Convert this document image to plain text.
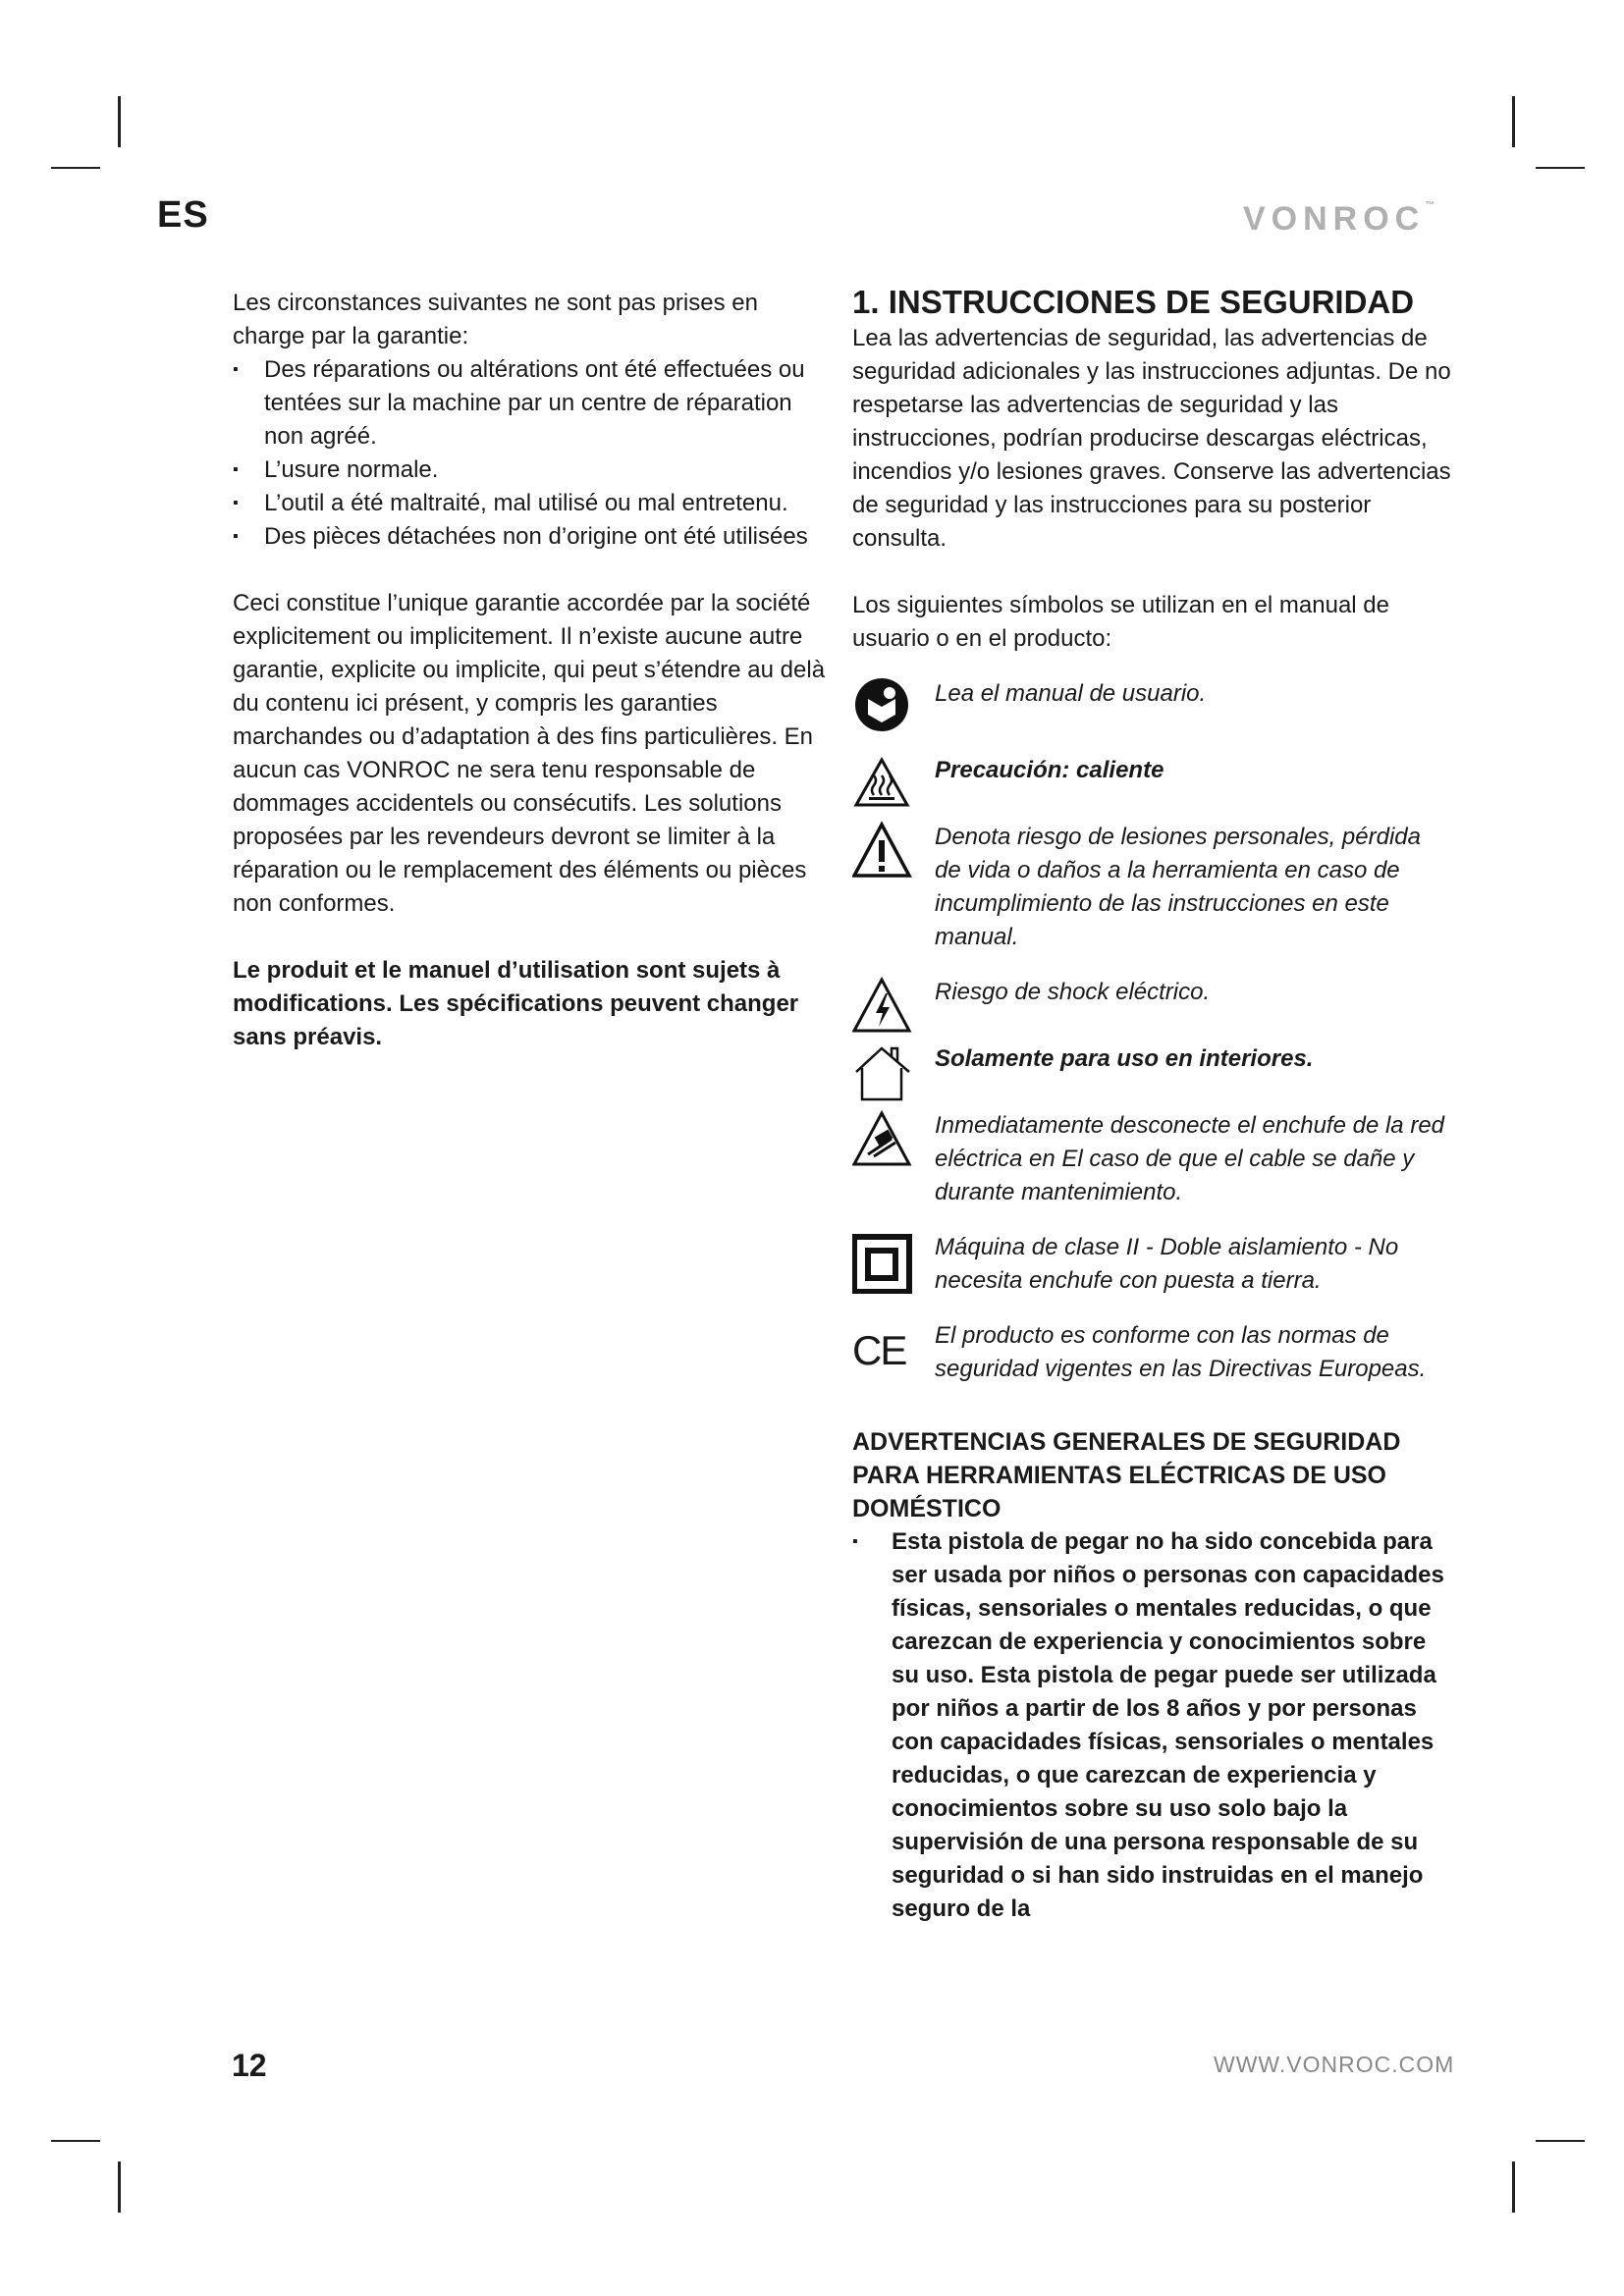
ES	VONROC™

Les circonstances suivantes ne sont pas prises en charge par la garantie:

▪ Des réparations ou altérations ont été effectuées ou tentées sur la machine par un centre de réparation non agréé.
▪ L’usure normale.
▪ L’outil a été maltraité, mal utilisé ou mal entretenu.
▪ Des pièces détachées non d’origine ont été utilisées

Ceci constitue l’unique garantie accordée par la société explicitement ou implicitement. Il n’existe aucune autre garantie, explicite ou implicite, qui peut s’étendre au delà du contenu ici présent, y compris les garanties marchandes ou d’adaptation à des fins particulières. En aucun cas VONROC ne sera tenu responsable de dommages accidentels ou consécutifs. Les solutions proposées par les revendeurs devront se limiter à la réparation ou le remplacement des éléments ou pièces non conformes.

Le produit et le manuel d’utilisation sont sujets à modifications. Les spécifications peuvent changer sans préavis.

1. INSTRUCCIONES DE SEGURIDAD

Lea las advertencias de seguridad, las advertencias de seguridad adicionales y las instrucciones adjuntas. De no respetarse las advertencias de seguridad y las instrucciones, podrían producirse descargas eléctricas, incendios y/o lesiones graves. Conserve las advertencias de seguridad y las instrucciones para su posterior consulta.

Los siguientes símbolos se utilizan en el manual de usuario o en el producto:

Lea el manual de usuario.
Precaución: caliente
Denota riesgo de lesiones personales, pérdida de vida o daños a la herramienta en caso de incumplimiento de las instrucciones en este manual.
Riesgo de shock eléctrico.
Solamente para uso en interiores.
Inmediatamente desconecte el enchufe de la red eléctrica en El caso de que el cable se dañe y durante mantenimiento.
Máquina de clase II - Doble aislamiento - No necesita enchufe con puesta a tierra.
CE	El producto es conforme con las normas de seguridad vigentes en las Directivas Europeas.

ADVERTENCIAS GENERALES DE SEGURIDAD PARA HERRAMIENTAS ELÉCTRICAS DE USO DOMÉSTICO

▪ Esta pistola de pegar no ha sido concebida para ser usada por niños o personas con capacidades físicas, sensoriales o mentales reducidas, o que carezcan de experiencia y conocimientos sobre su uso. Esta pistola de pegar puede ser utilizada por niños a partir de los 8 años y por personas con capacidades físicas, sensoriales o mentales reducidas, o que carezcan de experiencia y conocimientos sobre su uso solo bajo la supervisión de una persona responsable de su seguridad o si han sido instruidas en el manejo seguro de la
12	WWW.VONROC.COM
